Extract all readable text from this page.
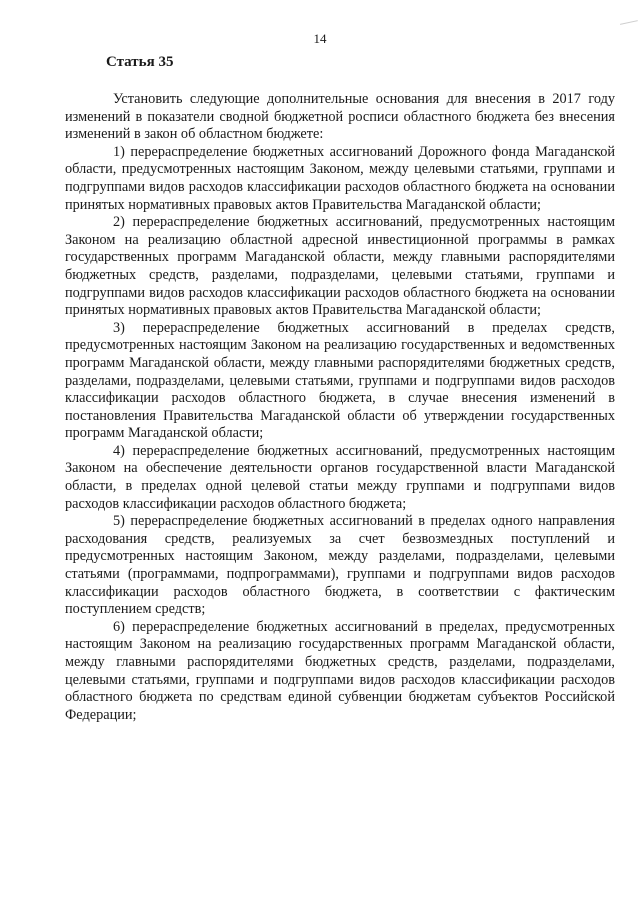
14
Статья 35

Установить следующие дополнительные основания для внесения в 2017 году изменений в показатели сводной бюджетной росписи областного бюджета без внесения изменений в закон об областном бюджете:

1) перераспределение бюджетных ассигнований Дорожного фонда Магаданской области, предусмотренных настоящим Законом, между целевыми статьями, группами и подгруппами видов расходов классификации расходов областного бюджета на основании принятых нормативных правовых актов Правительства Магаданской области;

2) перераспределение бюджетных ассигнований, предусмотренных настоящим Законом на реализацию областной адресной инвестиционной программы в рамках государственных программ Магаданской области, между главными распорядителями бюджетных средств, разделами, подразделами, целевыми статьями, группами и подгруппами видов расходов классификации расходов областного бюджета на основании принятых нормативных правовых актов Правительства Магаданской области;

3) перераспределение бюджетных ассигнований в пределах средств, предусмотренных настоящим Законом на реализацию государственных и ведомственных программ Магаданской области, между главными распорядителями бюджетных средств, разделами, подразделами, целевыми статьями, группами и подгруппами видов расходов классификации расходов областного бюджета, в случае внесения изменений в постановления Правительства Магаданской области об утверждении государственных программ Магаданской области;

4) перераспределение бюджетных ассигнований, предусмотренных настоящим Законом на обеспечение деятельности органов государственной власти Магаданской области, в пределах одной целевой статьи между группами и подгруппами видов расходов классификации расходов областного бюджета;

5) перераспределение бюджетных ассигнований в пределах одного направления расходования средств, реализуемых за счет безвозмездных поступлений и предусмотренных настоящим Законом, между разделами, подразделами, целевыми статьями (программами, подпрограммами), группами и подгруппами видов расходов классификации расходов областного бюджета, в соответствии с фактическим поступлением средств;

6) перераспределение бюджетных ассигнований в пределах, предусмотренных настоящим Законом на реализацию государственных программ Магаданской области, между главными распорядителями бюджетных средств, разделами, подразделами, целевыми статьями, группами и подгруппами видов расходов классификации расходов областного бюджета по средствам единой субвенции бюджетам субъектов Российской Федерации;
